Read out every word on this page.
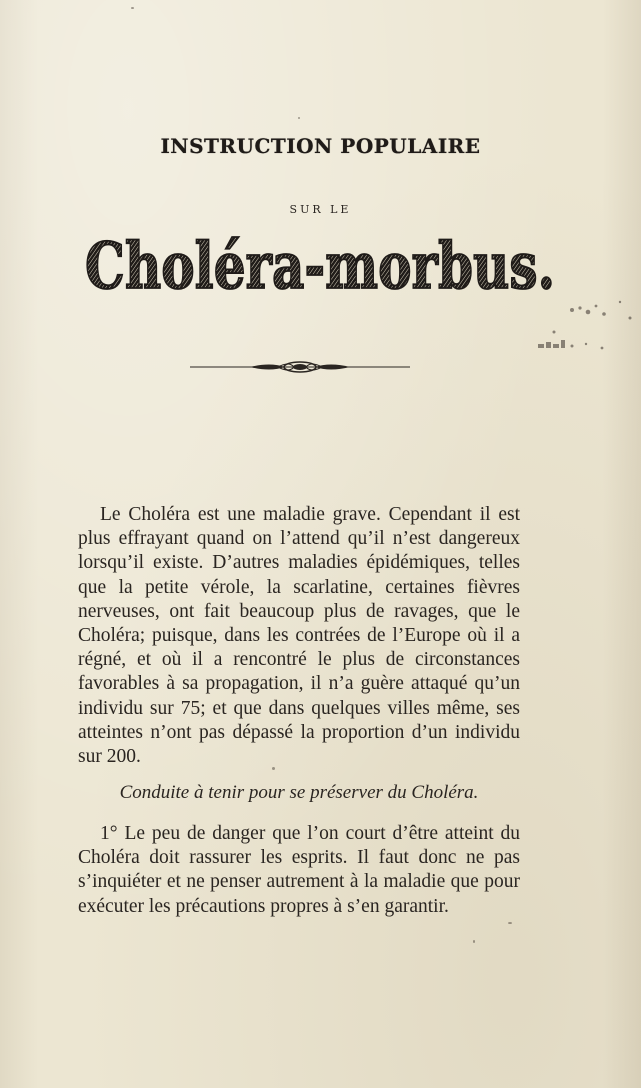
INSTRUCTION POPULAIRE
SUR LE
Choléra-morbus.
Le Choléra est une maladie grave. Cependant il est plus effrayant quand on l’attend qu’il n’est dangereux lorsqu’il existe. D’autres maladies épidémiques, telles que la petite vérole, la scarlatine, certaines fièvres nerveuses, ont fait beaucoup plus de ravages, que le Choléra; puisque, dans les contrées de l’Europe où il a régné, et où il a rencontré le plus de circonstances favorables à sa propagation, il n’a guère attaqué qu’un individu sur 75; et que dans quelques villes même, ses atteintes n’ont pas dépassé la proportion d’un individu sur 200.
Conduite à tenir pour se préserver du Choléra.
1° Le peu de danger que l’on court d’être atteint du Choléra doit rassurer les esprits. Il faut donc ne pas s’inquiéter et ne penser autrement à la maladie que pour exécuter les précautions propres à s’en garantir.
